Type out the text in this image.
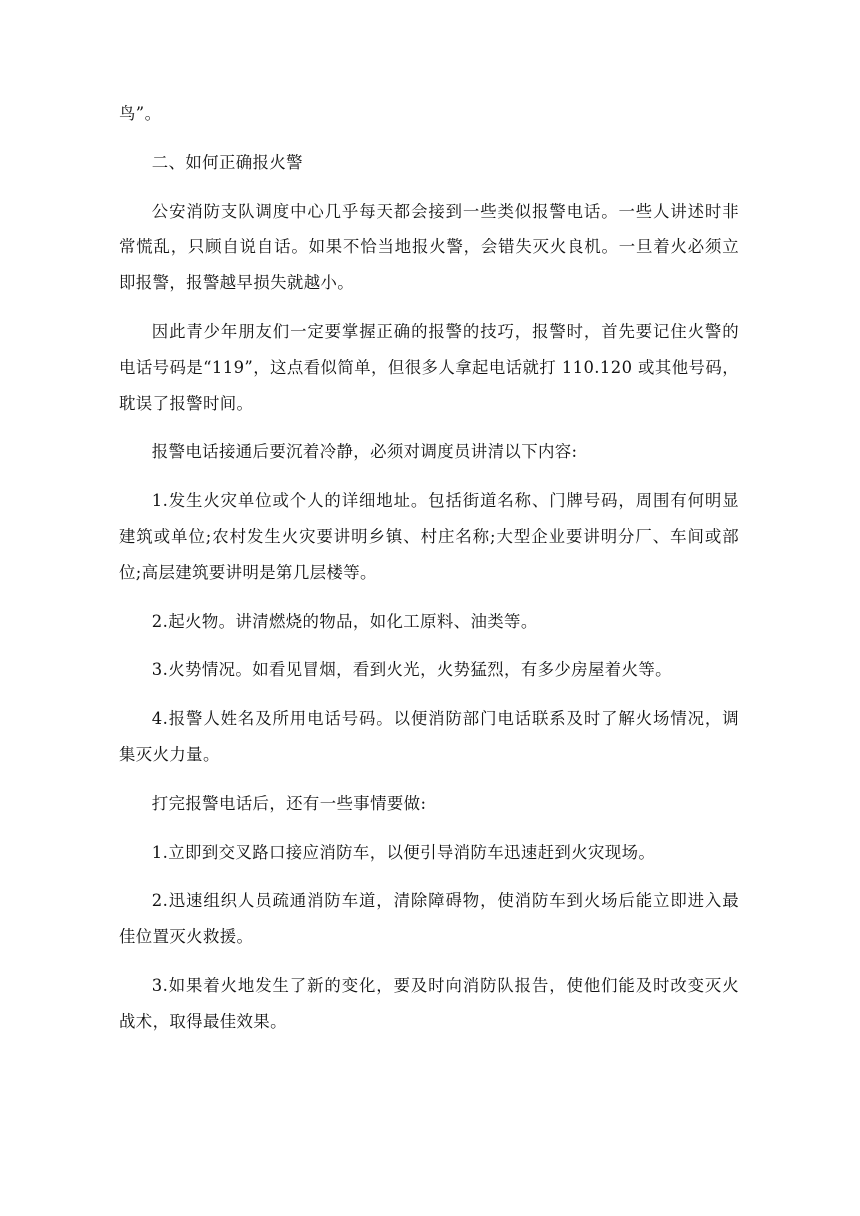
鸟”。

二、如何正确报火警

公安消防支队调度中心几乎每天都会接到一些类似报警电话。一些人讲述时非常慌乱，只顾自说自话。如果不恰当地报火警，会错失灭火良机。一旦着火必须立即报警，报警越早损失就越小。

因此青少年朋友们一定要掌握正确的报警的技巧，报警时，首先要记住火警的电话号码是“119”，这点看似简单，但很多人拿起电话就打 110.120 或其他号码，耽误了报警时间。

报警电话接通后要沉着冷静，必须对调度员讲清以下内容:

1.发生火灾单位或个人的详细地址。包括街道名称、门牌号码，周围有何明显建筑或单位;农村发生火灾要讲明乡镇、村庄名称;大型企业要讲明分厂、车间或部位;高层建筑要讲明是第几层楼等。

2.起火物。讲清燃烧的物品，如化工原料、油类等。

3.火势情况。如看见冒烟，看到火光，火势猛烈，有多少房屋着火等。

4.报警人姓名及所用电话号码。以便消防部门电话联系及时了解火场情况，调集灭火力量。

打完报警电话后，还有一些事情要做:

1.立即到交叉路口接应消防车，以便引导消防车迅速赶到火灾现场。

2.迅速组织人员疏通消防车道，清除障碍物，使消防车到火场后能立即进入最佳位置灭火救援。

3.如果着火地发生了新的变化，要及时向消防队报告，使他们能及时改变灭火战术，取得最佳效果。
